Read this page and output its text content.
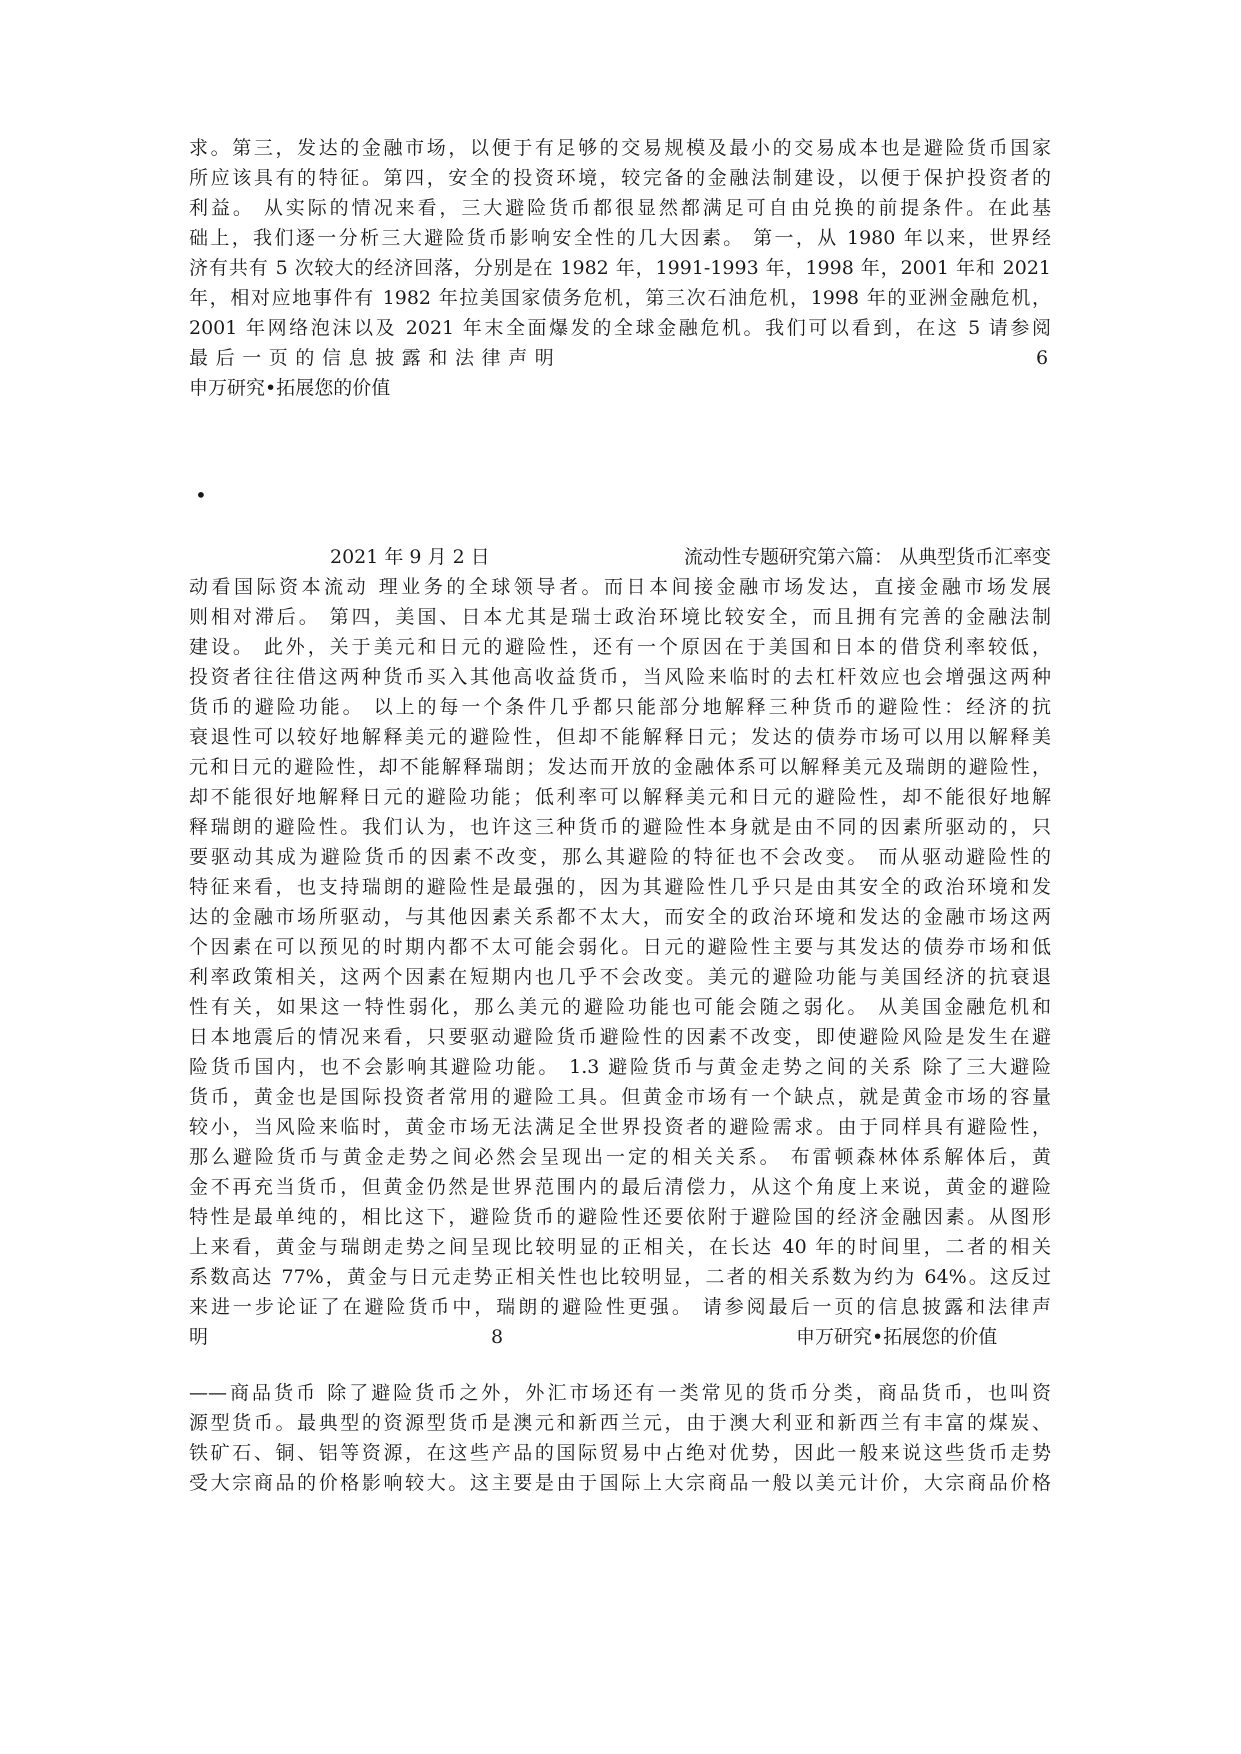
求。第三，发达的金融市场，以便于有足够的交易规模及最小的交易成本也是避险货币国家
所应该具有的特征。第四，安全的投资环境，较完备的金融法制建设，以便于保护投资者的
利益。 从实际的情况来看，三大避险货币都很显然都满足可自由兑换的前提条件。在此基
础上，我们逐一分析三大避险货币影响安全性的几大因素。 第一，从 1980 年以来，世界经
济有共有 5 次较大的经济回落，分别是在 1982 年，1991-1993 年，1998 年，2001 年和 2021
年，相对应地事件有 1982 年拉美国家债务危机，第三次石油危机，1998 年的亚洲金融危机，
2001 年网络泡沫以及 2021 年末全面爆发的全球金融危机。我们可以看到，在这 5 请参阅
最后一页的信息披露和法律声明	6
申万研究•拓展您的价值
•
2021 年 9 月 2 日	流动性专题研究第六篇： 从典型货币汇率变
动看国际资本流动 理业务的全球领导者。而日本间接金融市场发达，直接金融市场发展
则相对滞后。 第四，美国、日本尤其是瑞士政治环境比较安全，而且拥有完善的金融法制
建设。 此外，关于美元和日元的避险性，还有一个原因在于美国和日本的借贷利率较低，
投资者往往借这两种货币买入其他高收益货币，当风险来临时的去杠杆效应也会增强这两种
货币的避险功能。 以上的每一个条件几乎都只能部分地解释三种货币的避险性：经济的抗
衰退性可以较好地解释美元的避险性，但却不能解释日元；发达的债券市场可以用以解释美
元和日元的避险性，却不能解释瑞朗；发达而开放的金融体系可以解释美元及瑞朗的避险性，
却不能很好地解释日元的避险功能；低利率可以解释美元和日元的避险性，却不能很好地解
释瑞朗的避险性。我们认为，也许这三种货币的避险性本身就是由不同的因素所驱动的，只
要驱动其成为避险货币的因素不改变，那么其避险的特征也不会改变。 而从驱动避险性的
特征来看，也支持瑞朗的避险性是最强的，因为其避险性几乎只是由其安全的政治环境和发
达的金融市场所驱动，与其他因素关系都不太大，而安全的政治环境和发达的金融市场这两
个因素在可以预见的时期内都不太可能会弱化。日元的避险性主要与其发达的债券市场和低
利率政策相关，这两个因素在短期内也几乎不会改变。美元的避险功能与美国经济的抗衰退
性有关，如果这一特性弱化，那么美元的避险功能也可能会随之弱化。 从美国金融危机和
日本地震后的情况来看，只要驱动避险货币避险性的因素不改变，即使避险风险是发生在避
险货币国内，也不会影响其避险功能。 1.3 避险货币与黄金走势之间的关系 除了三大避险
货币，黄金也是国际投资者常用的避险工具。但黄金市场有一个缺点，就是黄金市场的容量
较小，当风险来临时，黄金市场无法满足全世界投资者的避险需求。由于同样具有避险性，
那么避险货币与黄金走势之间必然会呈现出一定的相关关系。 布雷顿森林体系解体后，黄
金不再充当货币，但黄金仍然是世界范围内的最后清偿力，从这个角度上来说，黄金的避险
特性是最单纯的，相比这下，避险货币的避险性还要依附于避险国的经济金融因素。从图形
上来看，黄金与瑞朗走势之间呈现比较明显的正相关，在长达 40 年的时间里，二者的相关
系数高达 77%，黄金与日元走势正相关性也比较明显，二者的相关系数为约为 64%。这反过
来进一步论证了在避险货币中，瑞朗的避险性更强。 请参阅最后一页的信息披露和法律声
明	8	申万研究•拓展您的价值
——商品货币 除了避险货币之外，外汇市场还有一类常见的货币分类，商品货币，也叫资
源型货币。最典型的资源型货币是澳元和新西兰元，由于澳大利亚和新西兰有丰富的煤炭、
铁矿石、铜、铝等资源，在这些产品的国际贸易中占绝对优势，因此一般来说这些货币走势
受大宗商品的价格影响较大。这主要是由于国际上大宗商品一般以美元计价，大宗商品价格
